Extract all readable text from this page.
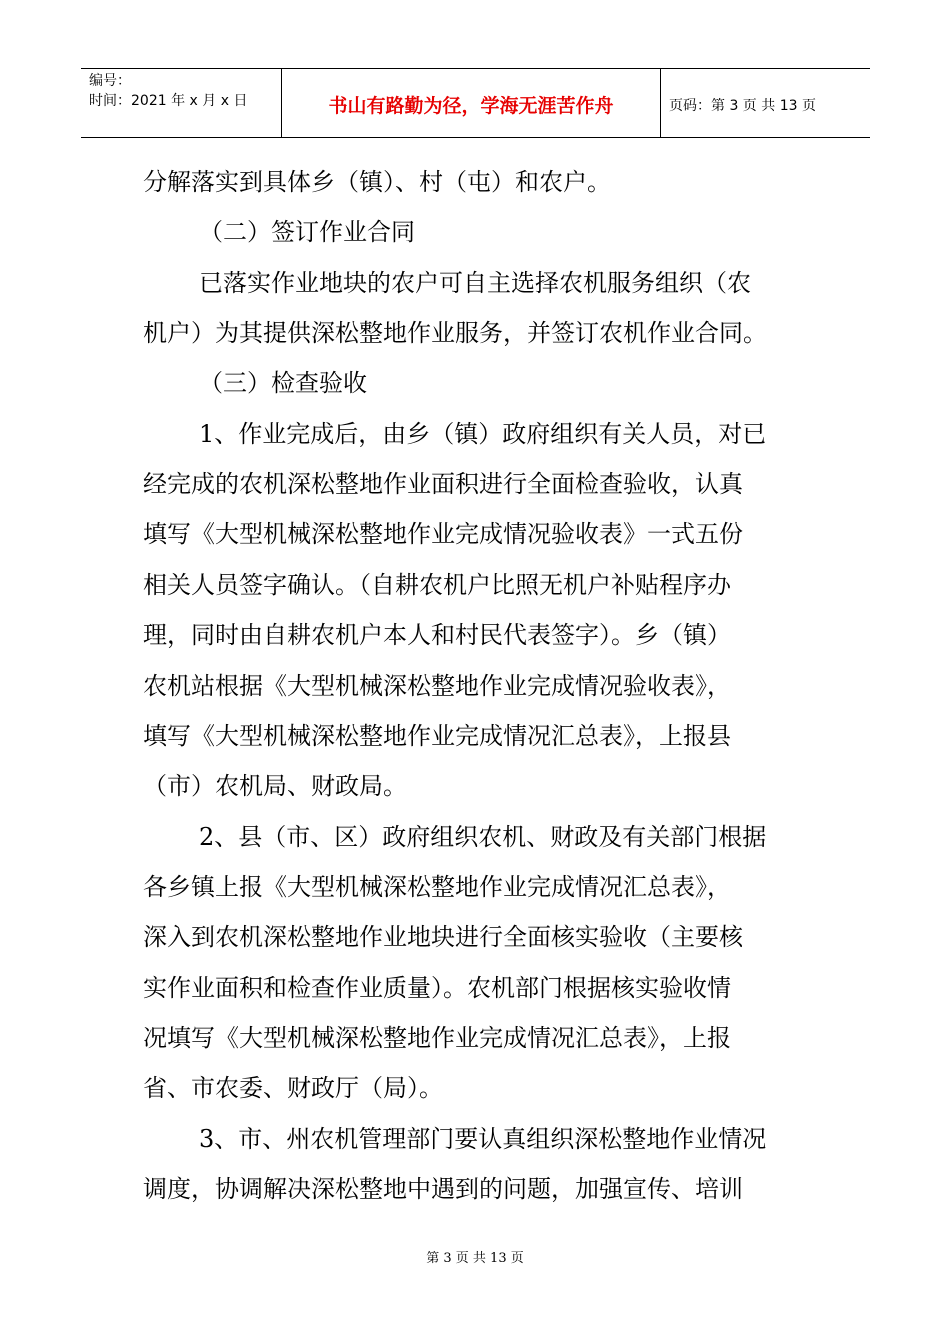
编号：
时间：2021 年 x 月 x 日	书山有路勤为径，学海无涯苦作舟	页码：第 3 页 共 13 页
分解落实到具体乡（镇）、村（屯）和农户。
（二）签订作业合同
已落实作业地块的农户可自主选择农机服务组织（农
机户）为其提供深松整地作业服务，并签订农机作业合同。
（三）检查验收
1、作业完成后，由乡（镇）政府组织有关人员，对已
经完成的农机深松整地作业面积进行全面检查验收，认真
填写《大型机械深松整地作业完成情况验收表》一式五份
相关人员签字确认。（自耕农机户比照无机户补贴程序办
理，同时由自耕农机户本人和村民代表签字）。乡（镇）
农机站根据《大型机械深松整地作业完成情况验收表》，
填写《大型机械深松整地作业完成情况汇总表》，上报县
（市）农机局、财政局。
2、县（市、区）政府组织农机、财政及有关部门根据
各乡镇上报《大型机械深松整地作业完成情况汇总表》，
深入到农机深松整地作业地块进行全面核实验收（主要核
实作业面积和检查作业质量）。农机部门根据核实验收情
况填写《大型机械深松整地作业完成情况汇总表》，上报
省、市农委、财政厅（局）。
3、市、州农机管理部门要认真组织深松整地作业情况
调度，协调解决深松整地中遇到的问题，加强宣传、培训
第 3 页 共 13 页
